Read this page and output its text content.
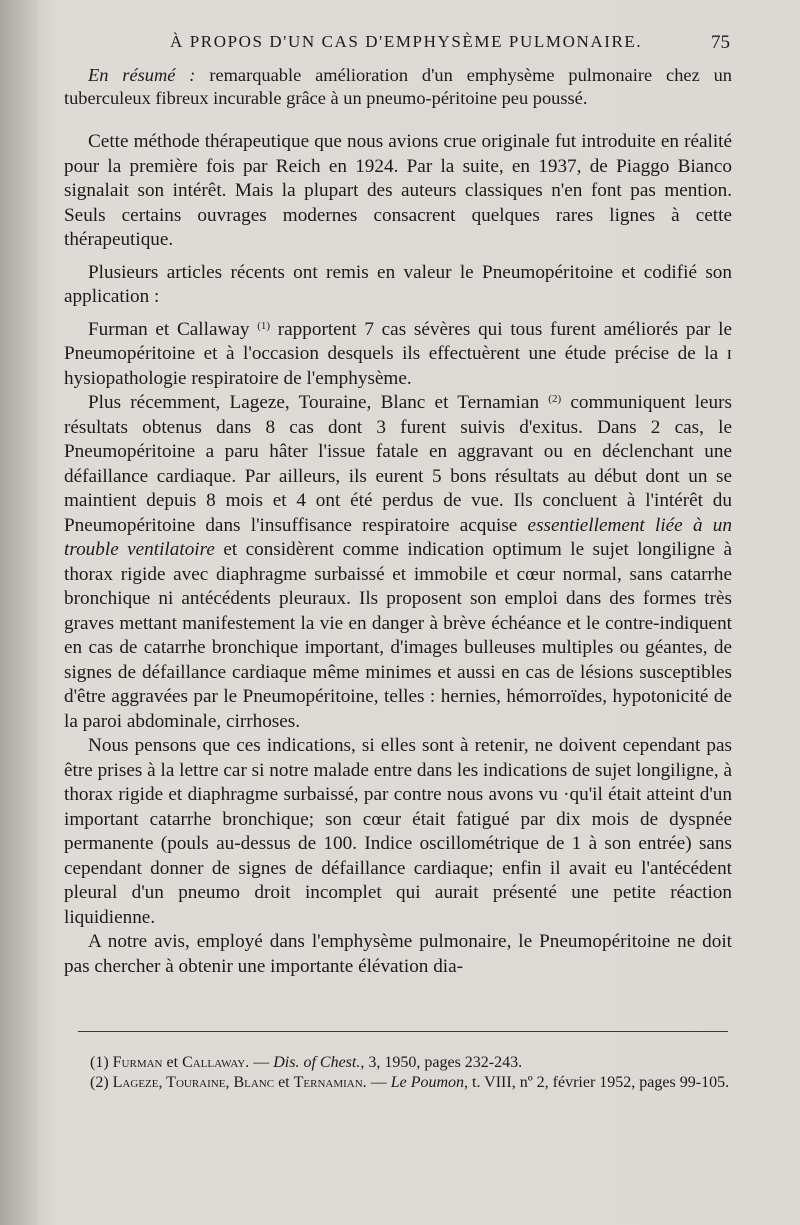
À PROPOS D'UN CAS D'EMPHYSÈME PULMONAIRE.	75

En résumé : remarquable amélioration d'un emphysème pulmonaire chez un tuberculeux fibreux incurable grâce à un pneumo-péritoine peu poussé.

Cette méthode thérapeutique que nous avions crue originale fut introduite en réalité pour la première fois par Reich en 1924. Par la suite, en 1937, de Piaggo Bianco signalait son intérêt. Mais la plupart des auteurs classiques n'en font pas mention. Seuls certains ouvrages modernes consacrent quelques rares lignes à cette thérapeutique.

Plusieurs articles récents ont remis en valeur le Pneumopéritoine et codifié son application :

Furman et Callaway $^{(1)}$ rapportent 7 cas sévères qui tous furent améliorés par le Pneumopéritoine et à l'occasion desquels ils effectuèrent une étude précise de la ɪ hysiopathologie respiratoire de l'emphysème.

Plus récemment, Lageze, Touraine, Blanc et Ternamian $^{(2)}$ communiquent leurs résultats obtenus dans 8 cas dont 3 furent suivis d'exitus. Dans 2 cas, le Pneumopéritoine a paru hâter l'issue fatale en aggravant ou en déclenchant une défaillance cardiaque. Par ailleurs, ils eurent 5 bons résultats au début dont un se maintient depuis 8 mois et 4 ont été perdus de vue. Ils concluent à l'intérêt du Pneumopéritoine dans l'insuffisance respiratoire acquise essentiellement liée à un trouble ventilatoire et considèrent comme indication optimum le sujet longiligne à thorax rigide avec diaphragme surbaissé et immobile et cœur normal, sans catarrhe bronchique ni antécédents pleuraux. Ils proposent son emploi dans des formes très graves mettant manifestement la vie en danger à brève échéance et le contre-indiquent en cas de catarrhe bronchique important, d'images bulleuses multiples ou géantes, de signes de défaillance cardiaque même minimes et aussi en cas de lésions susceptibles d'être aggravées par le Pneumopéritoine, telles : hernies, hémorroïdes, hypotonicité de la paroi abdominale, cirrhoses.

Nous pensons que ces indications, si elles sont à retenir, ne doivent cependant pas être prises à la lettre car si notre malade entre dans les indications de sujet longiligne, à thorax rigide et diaphragme surbaissé, par contre nous avons vu ·qu'il était atteint d'un important catarrhe bronchique; son cœur était fatigué par dix mois de dyspnée permanente (pouls au-dessus de 100. Indice oscillométrique de 1 à son entrée) sans cependant donner de signes de défaillance cardiaque; enfin il avait eu l'antécédent pleural d'un pneumo droit incomplet qui aurait présenté une petite réaction liquidienne.

A notre avis, employé dans l'emphysème pulmonaire, le Pneumopéritoine ne doit pas chercher à obtenir une importante élévation dia-

(1) Furman et Callaway. — Dis. of Chest., 3, 1950, pages 232-243.

(2) Lageze, Touraine, Blanc et Ternamian. — Le Poumon, t. VIII, nº 2, février 1952, pages 99-105.
